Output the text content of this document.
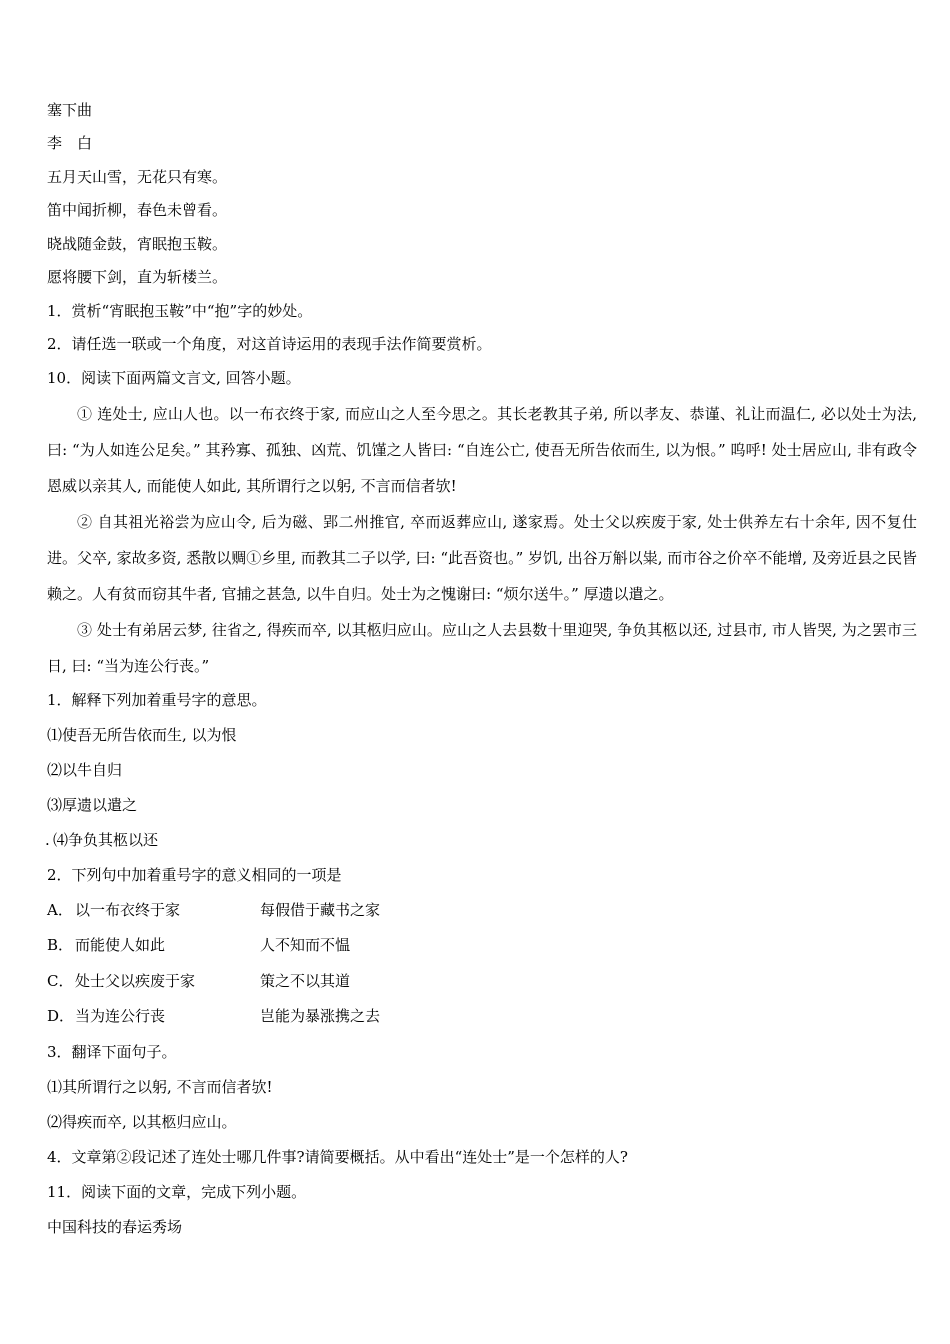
塞下曲

李　白

五月天山雪，无花只有寒。

笛中闻折柳，春色未曾看。

晓战随金鼓，宵眠抱玉鞍。

愿将腰下剑，直为斩楼兰。

1．赏析“宵眠抱玉鞍”中“抱”字的妙处。

2．请任选一联或一个角度，对这首诗运用的表现手法作简要赏析。

10．阅读下面两篇文言文, 回答小题。

① 连处士, 应山人也。以一布衣终于家, 而应山之人至今思之。其长老教其子弟, 所以孝友、恭谨、礼让而温仁, 必以处士为法, 曰: “为人如连公足矣。” 其矜寡、孤独、凶荒、饥馑之人皆曰: “自连公亡, 使吾无所告依而生, 以为恨。” 呜呼! 处士居应山, 非有政令恩威以亲其人, 而能使人如此, 其所谓行之以躬, 不言而信者欤!

② 自其祖光裕尝为应山令, 后为磁、郢二州推官, 卒而返葬应山, 遂家焉。处士父以疾废于家, 处士供养左右十余年, 因不复仕进。父卒, 家故多资, 悉散以赒①乡里, 而教其二子以学, 曰: “此吾资也。” 岁饥, 出谷万斛以粜, 而市谷之价卒不能增, 及旁近县之民皆赖之。人有贫而窃其牛者, 官捕之甚急, 以牛自归。处士为之愧谢曰: “烦尔送牛。” 厚遗以遣之。

③ 处士有弟居云梦, 往省之, 得疾而卒, 以其柩归应山。应山之人去县数十里迎哭, 争负其柩以还, 过县市, 市人皆哭, 为之罢市三日, 曰: “当为连公行丧。”

1．解释下列加着重号字的意思。

⑴使吾无所告依而生, 以为恨

⑵以牛自归

⑶厚遗以遣之

. ⑷争负其柩以还

2．下列句中加着重号字的意义相同的一项是

A． 以一布衣终于家	每假借于藏书之家
B． 而能使人如此	人不知而不愠
C． 处士父以疾废于家	策之不以其道
D． 当为连公行丧	岂能为暴涨携之去

3．翻译下面句子。

⑴其所谓行之以躬, 不言而信者欤!

⑵得疾而卒, 以其柩归应山。

4．文章第②段记述了连处士哪几件事?请简要概括。从中看出“连处士”是一个怎样的人?

11．阅读下面的文章，完成下列小题。

中国科技的春运秀场
